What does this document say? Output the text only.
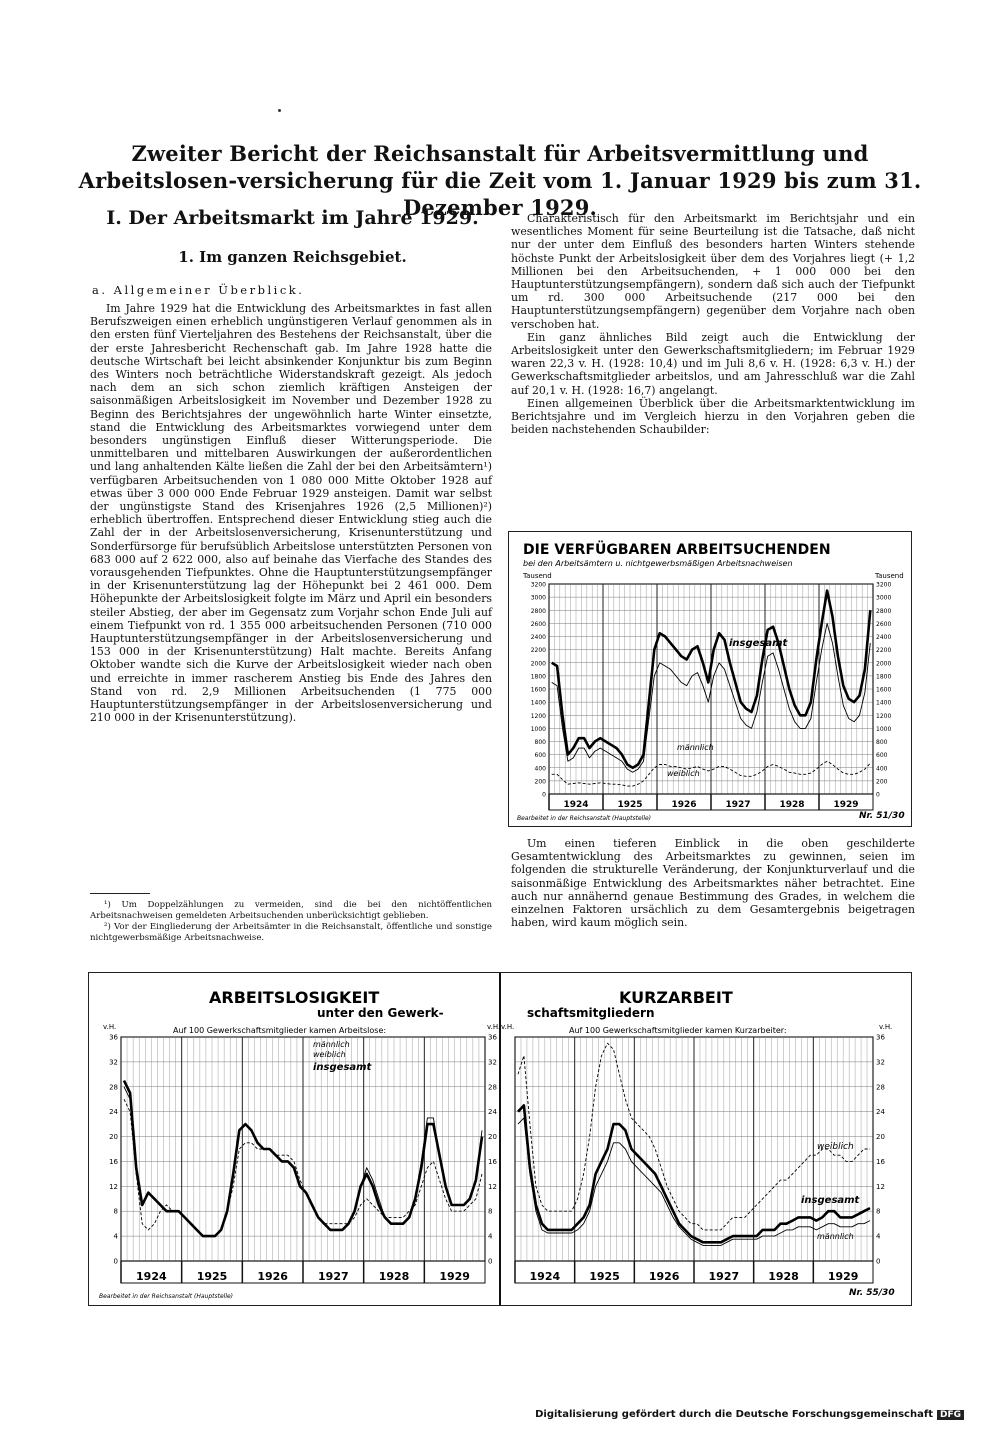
Zweiter Bericht der Reichsanstalt für Arbeitsvermittlung und Arbeitslosen-versicherung für die Zeit vom 1. Januar 1929 bis zum 31. Dezember 1929.
I. Der Arbeitsmarkt im Jahre 1929.
1. Im ganzen Reichsgebiet.
a. Allgemeiner Überblick.

Im Jahre 1929 hat die Entwicklung des Arbeitsmarktes in fast allen Berufszweigen einen erheblich ungünstigeren Verlauf genommen als in den ersten fünf Vierteljahren des Bestehens der Reichsanstalt, über die der erste Jahresbericht Rechenschaft gab. Im Jahre 1928 hatte die deutsche Wirtschaft bei leicht absinkender Konjunktur bis zum Beginn des Winters noch beträchtliche Widerstandskraft gezeigt. Als jedoch nach dem an sich schon ziemlich kräftigen Ansteigen der saisonmäßigen Arbeitslosigkeit im November und Dezember 1928 zu Beginn des Berichtsjahres der ungewöhnlich harte Winter einsetzte, stand die Entwicklung des Arbeitsmarktes vorwiegend unter dem besonders ungünstigen Einfluß dieser Witterungsperiode. Die unmittelbaren und mittelbaren Auswirkungen der außerordentlichen und lang anhaltenden Kälte ließen die Zahl der bei den Arbeitsämtern¹) verfügbaren Arbeitsuchenden von 1 080 000 Mitte Oktober 1928 auf etwas über 3 000 000 Ende Februar 1929 ansteigen. Damit war selbst der ungünstigste Stand des Krisenjahres 1926 (2,5 Millionen)²) erheblich übertroffen. Entsprechend dieser Entwicklung stieg auch die Zahl der in der Arbeitslosenversicherung, Krisenunterstützung und Sonderfürsorge für berufsüblich Arbeitslose unterstützten Personen von 683 000 auf 2 622 000, also auf beinahe das Vierfache des Standes des vorausgehenden Tiefpunktes. Ohne die Hauptunterstützungsempfänger in der Krisenunterstützung lag der Höhepunkt bei 2 461 000. Dem Höhepunkte der Arbeitslosigkeit folgte im März und April ein besonders steiler Abstieg, der aber im Gegensatz zum Vorjahr schon Ende Juli auf einem Tiefpunkt von rd. 1 355 000 arbeitsuchenden Personen (710 000 Hauptunterstützungsempfänger in der Arbeitslosenversicherung und 153 000 in der Krisenunterstützung) Halt machte. Bereits Anfang Oktober wandte sich die Kurve der Arbeitslosigkeit wieder nach oben und erreichte in immer rascherem Anstieg bis Ende des Jahres den Stand von rd. 2,9 Millionen Arbeitsuchenden (1 775 000 Hauptunterstützungsempfänger in der Arbeitslosenversicherung und 210 000 in der Krisenunterstützung).

¹) Um Doppelzählungen zu vermeiden, sind die bei den nichtöffentlichen Arbeitsnachweisen gemeldeten Arbeitsuchenden unberücksichtigt geblieben.

²) Vor der Eingliederung der Arbeitsämter in die Reichsanstalt, öffentliche und sonstige nichtgewerbsmäßige Arbeitsnachweise.

Charakteristisch für den Arbeitsmarkt im Berichtsjahr und ein wesentliches Moment für seine Beurteilung ist die Tatsache, daß nicht nur der unter dem Einfluß des besonders harten Winters stehende höchste Punkt der Arbeitslosigkeit über dem des Vorjahres liegt (+ 1,2 Millionen bei den Arbeitsuchenden, + 1 000 000 bei den Hauptunterstützungsempfängern), sondern daß sich auch der Tiefpunkt um rd. 300 000 Arbeitsuchende (217 000 bei den Hauptunterstützungsempfängern) gegenüber dem Vorjahre nach oben verschoben hat.

Ein ganz ähnliches Bild zeigt auch die Entwicklung der Arbeitslosigkeit unter den Gewerkschaftsmitgliedern; im Februar 1929 waren 22,3 v. H. (1928: 10,4) und im Juli 8,6 v. H. (1928: 6,3 v. H.) der Gewerkschaftsmitglieder arbeitslos, und am Jahresschluß war die Zahl auf 20,1 v. H. (1928: 16,7) angelangt.

Einen allgemeinen Überblick über die Arbeitsmarktentwicklung im Berichtsjahre und im Vergleich hierzu in den Vorjahren geben die beiden nachstehenden Schaubilder:

DIE VERFÜGBAREN ARBEITSUCHENDEN
bei den Arbeitsämtern u. nichtgewerbsmäßigen Arbeitsnachweisen
Tausend	Tausend
Bearbeitet in der Reichsanstalt (Hauptstelle)	Nr. 51/30
0	0
200	200
400	400
600	600
800	800
1000	1000
1200	1200
1400	1400
1600	1600
1800	1800
2000	2000
2200	2200
2400	2400
2600	2600
2800	2800
3000	3000
3200	3200
1924	1925	1926	1927	1928	1929
insgesamt
männlich
weiblich

Um einen tieferen Einblick in die oben geschilderte Gesamtentwicklung des Arbeitsmarktes zu gewinnen, seien im folgenden die strukturelle Veränderung, der Konjunkturverlauf und die saisonmäßige Entwicklung des Arbeitsmarktes näher betrachtet. Eine auch nur annähernd genaue Bestimmung des Grades, in welchem die einzelnen Faktoren ursächlich zu dem Gesamtergebnis beigetragen haben, wird kaum möglich sein.

ARBEITSLOSIGKEIT
unter den Gewerk-
KURZARBEIT
schaftsmitgliedern
Auf 100 Gewerkschaftsmitglieder kamen Arbeitslose:	Auf 100 Gewerkschaftsmitglieder kamen Kurzarbeiter:
v.H.	v.H. v.H.	v.H.
Bearbeitet in der Reichsanstalt (Hauptstelle)	Nr. 55/30
0	0
4	4
8	8
12	12
16	16
20	20
24	24
28	28
32	32
36	36
1924	1925	1926	1927	1928	1929
männlich
weiblich
insgesamt
0
4
8
12
16
20
24
28
32
36
1924	1925	1926	1927	1928	1929
weiblich
insgesamt
männlich
Digitalisierung gefördert durch die Deutsche Forschungsgemeinschaft DFG
